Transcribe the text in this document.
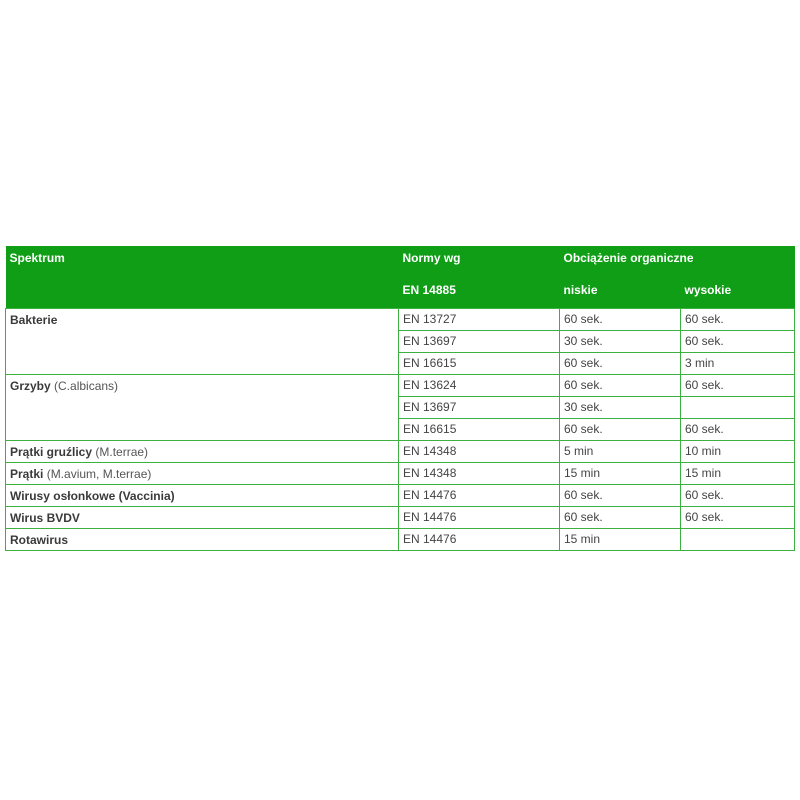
Spektrum	Normy wg	Obciążenie organiczne	
	EN 14885	niskie	wysokie
Bakterie	EN 13727	60 sek.	60 sek.
	EN 13697	30 sek.	60 sek.
	EN 16615	60 sek.	3 min
Grzyby (C.albicans)	EN 13624	60 sek.	60 sek.
	EN 13697	30 sek.	
	EN 16615	60 sek.	60 sek.
Prątki gruźlicy (M.terrae)	EN 14348	5 min	10 min
Prątki (M.avium, M.terrae)	EN 14348	15 min	15 min
Wirusy osłonkowe (Vaccinia)	EN 14476	60 sek.	60 sek.
Wirus BVDV	EN 14476	60 sek.	60 sek.
Rotawirus	EN 14476	15 min	
